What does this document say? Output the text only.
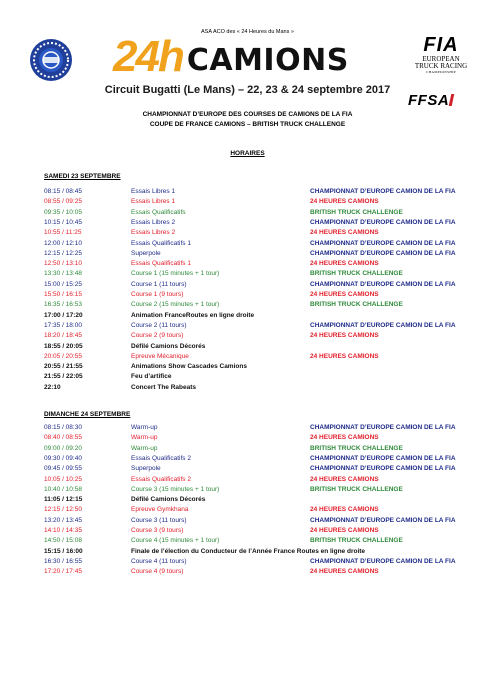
ASA ACO des « 24 Heures du Mans »
24h CAMIONS
Circuit Bugatti (Le Mans) – 22, 23 & 24 septembre 2017
FIA
EUROPEAN
TRUCK RACING
CHAMPIONSHIP
FFSA
CHAMPIONNAT D’EUROPE DES COURSES DE CAMIONS DE LA FIA
COUPE DE FRANCE CAMIONS – BRITISH TRUCK CHALLENGE
HORAIRES
SAMEDI 23 SEPTEMBRE
08:15 / 08:45	Essais Libres 1	CHAMPIONNAT D’EUROPE CAMION DE LA FIA
08:55 / 09:25	Essais Libres 1	24 HEURES CAMIONS
09:35 / 10:05	Essais Qualificatifs	BRITISH TRUCK CHALLENGE
10:15 / 10:45	Essais Libres 2	CHAMPIONNAT D’EUROPE CAMION DE LA FIA
10:55 / 11:25	Essais Libres 2	24 HEURES CAMIONS
12:00 / 12:10	Essais Qualificatifs 1	CHAMPIONNAT D’EUROPE CAMION DE LA FIA
12:15 / 12:25	Superpole	CHAMPIONNAT D’EUROPE CAMION DE LA FIA
12:50 / 13:10	Essais Qualificatifs 1	24 HEURES CAMIONS
13:30 / 13:48	Course 1 (15 minutes + 1 tour)	BRITISH TRUCK CHALLENGE
15:00 / 15:25	Course 1 (11 tours)	CHAMPIONNAT D’EUROPE CAMION DE LA FIA
15:50 / 16:15	Course 1 (9 tours)	24 HEURES CAMIONS
16:35 / 16:53	Course 2 (15 minutes + 1 tour)	BRITISH TRUCK CHALLENGE
17:00 / 17:20	Animation FranceRoutes en ligne droite
17:35 / 18:00	Course 2 (11 tours)	CHAMPIONNAT D’EUROPE CAMION DE LA FIA
18:20 / 18:45	Course 2 (9 tours)	24 HEURES CAMIONS
18:55 / 20:05	Défilé Camions Décorés
20:05 / 20:55	Epreuve Mécanique	24 HEURES CAMIONS
20:55 / 21:55	Animations Show Cascades Camions
21:55 / 22:05	Feu d’artifice
22:10	Concert The Rabeats
DIMANCHE 24 SEPTEMBRE
08:15 / 08:30	Warm-up	CHAMPIONNAT D’EUROPE CAMION DE LA FIA
08:40 / 08:55	Warm-up	24 HEURES CAMIONS
09:00 / 09:20	Warm-up	BRITISH TRUCK CHALLENGE
09:30 / 09:40	Essais Qualificatifs 2	CHAMPIONNAT D’EUROPE CAMION DE LA FIA
09:45 / 09:55	Superpole	CHAMPIONNAT D’EUROPE CAMION DE LA FIA
10:05 / 10:25	Essais Qualificatifs 2	24 HEURES CAMIONS
10:40 / 10:58	Course 3 (15 minutes + 1 tour)	BRITISH TRUCK CHALLENGE
11:05 / 12:15	Défilé Camions Décorés
12:15 / 12:50	Epreuve Gymkhana	24 HEURES CAMIONS
13:20 / 13:45	Course 3 (11 tours)	CHAMPIONNAT D’EUROPE CAMION DE LA FIA
14:10 / 14:35	Course 3 (9 tours)	24 HEURES CAMIONS
14:50 / 15:08	Course 4 (15 minutes + 1 tour)	BRITISH TRUCK CHALLENGE
15:15 / 16:00	Finale de l’élection du Conducteur de l’Année France Routes en ligne droite
16:30 / 16:55	Course 4 (11 tours)	CHAMPIONNAT D’EUROPE CAMION DE LA FIA
17:20 / 17:45	Course 4 (9 tours)	24 HEURES CAMIONS
